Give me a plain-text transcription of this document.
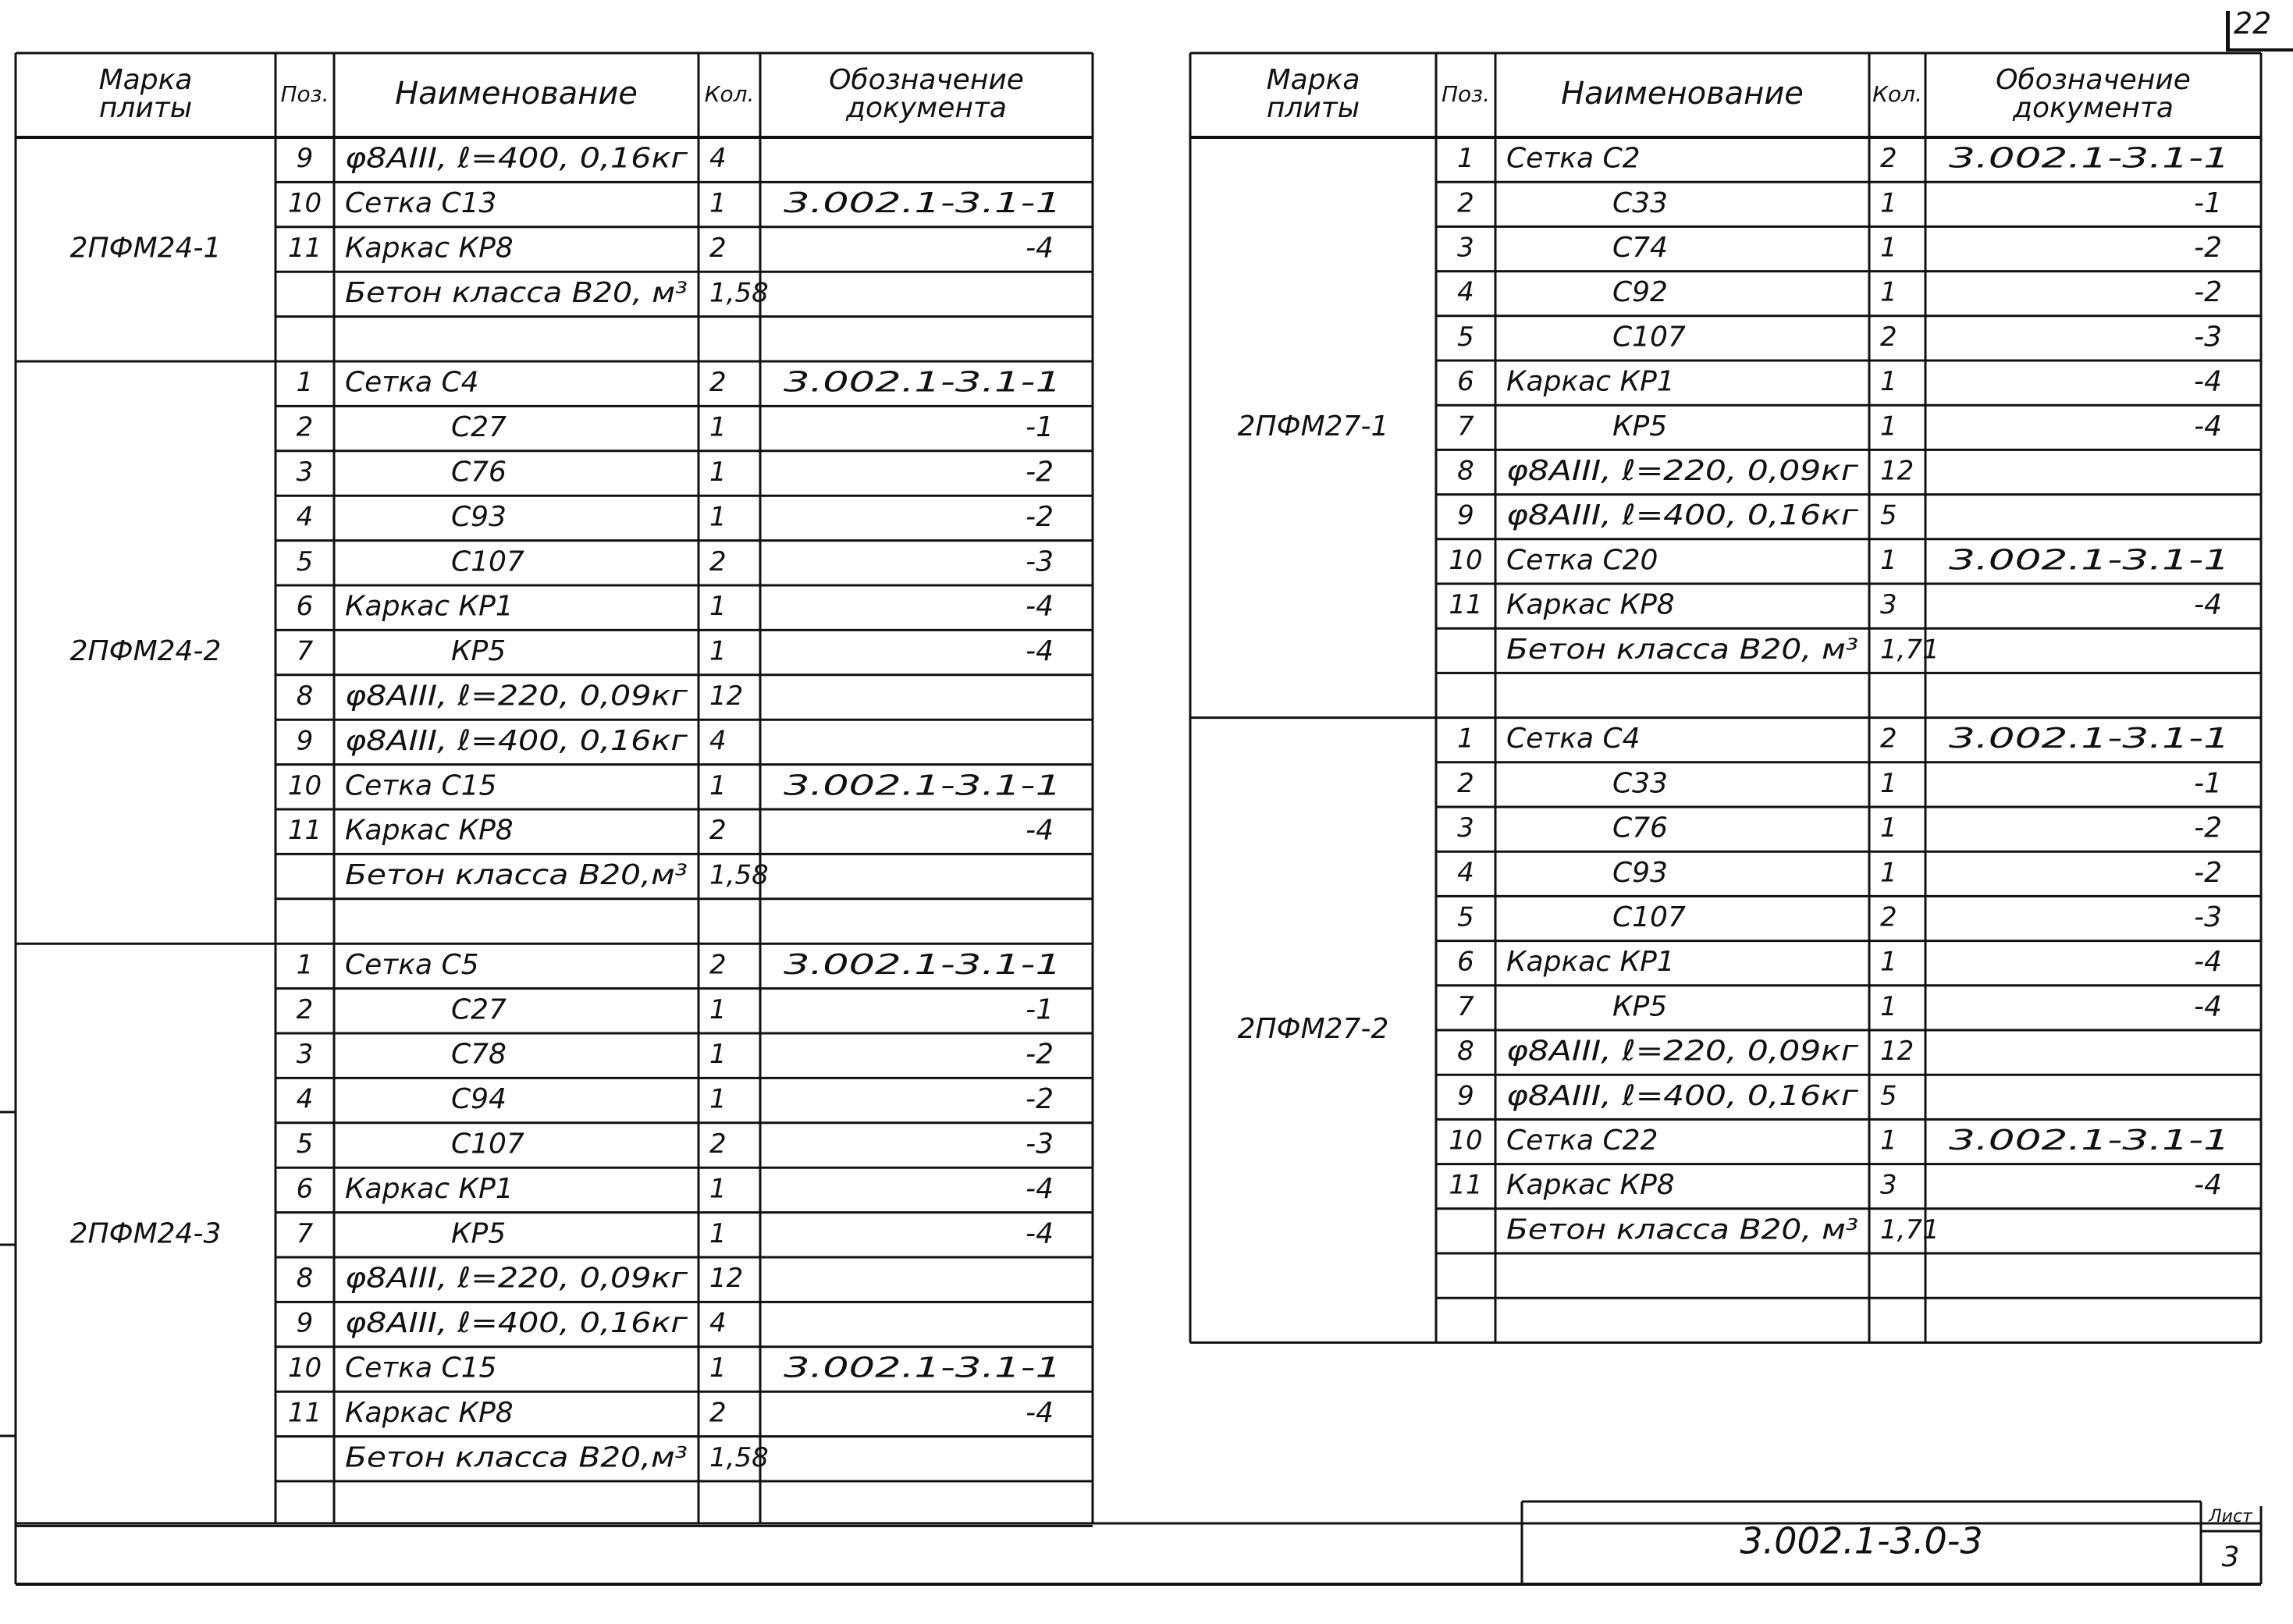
22
Марка
плиты	Поз. Наименование	Кол.	Обозначение
документа
9 φ8АIII, ℓ=400, 0,16кг 4
10 Сетка С13	1 3.002.1-3.1-1
11 Каркас КР8	2	-4
Бетон класса В20, м³ 1,58
2ПФМ24-1
1 Сетка С4	2 3.002.1-3.1-1
2	С27	1	-1
3	С76	1	-2
4	С93	1	-2
5	С107	2	-3
6 Каркас КР1	1	-4
7	КР5	1	-4
8 φ8АIII, ℓ=220, 0,09кг 12
9 φ8АIII, ℓ=400, 0,16кг 4
10 Сетка С15	1 3.002.1-3.1-1
11 Каркас КР8	2	-4
Бетон класса В20,м³ 1,58
2ПФМ24-2
1 Сетка С5	2 3.002.1-3.1-1
2	С27	1	-1
3	С78	1	-2
4	С94	1	-2
5	С107	2	-3
6 Каркас КР1	1	-4
7	КР5	1	-4
8 φ8АIII, ℓ=220, 0,09кг 12
9 φ8АIII, ℓ=400, 0,16кг 4
10 Сетка С15	1 3.002.1-3.1-1
11 Каркас КР8	2	-4
Бетон класса В20,м³ 1,58
2ПФМ24-3
Марка
плиты	Поз. Наименование	Кол.	Обозначение
документа
1 Сетка С2	2 3.002.1-3.1-1
2	С33	1	-1
3	С74	1	-2
4	С92	1	-2
5	С107	2	-3
6 Каркас КР1	1	-4
7	КР5	1	-4
8 φ8АIII, ℓ=220, 0,09кг 12
9 φ8АIII, ℓ=400, 0,16кг 5
10 Сетка С20	1 3.002.1-3.1-1
11 Каркас КР8	3	-4
Бетон класса В20, м³ 1,71
2ПФМ27-1
1 Сетка С4	2 3.002.1-3.1-1
2	С33	1	-1
3	С76	1	-2
4	С93	1	-2
5	С107	2	-3
6 Каркас КР1	1	-4
7	КР5	1	-4
8 φ8АIII, ℓ=220, 0,09кг 12
9 φ8АIII, ℓ=400, 0,16кг 5
10 Сетка С22	1 3.002.1-3.1-1
11 Каркас КР8	3	-4
Бетон класса В20, м³ 1,71
2ПФМ27-2
3.002.1-3.0-3
Лист
3
